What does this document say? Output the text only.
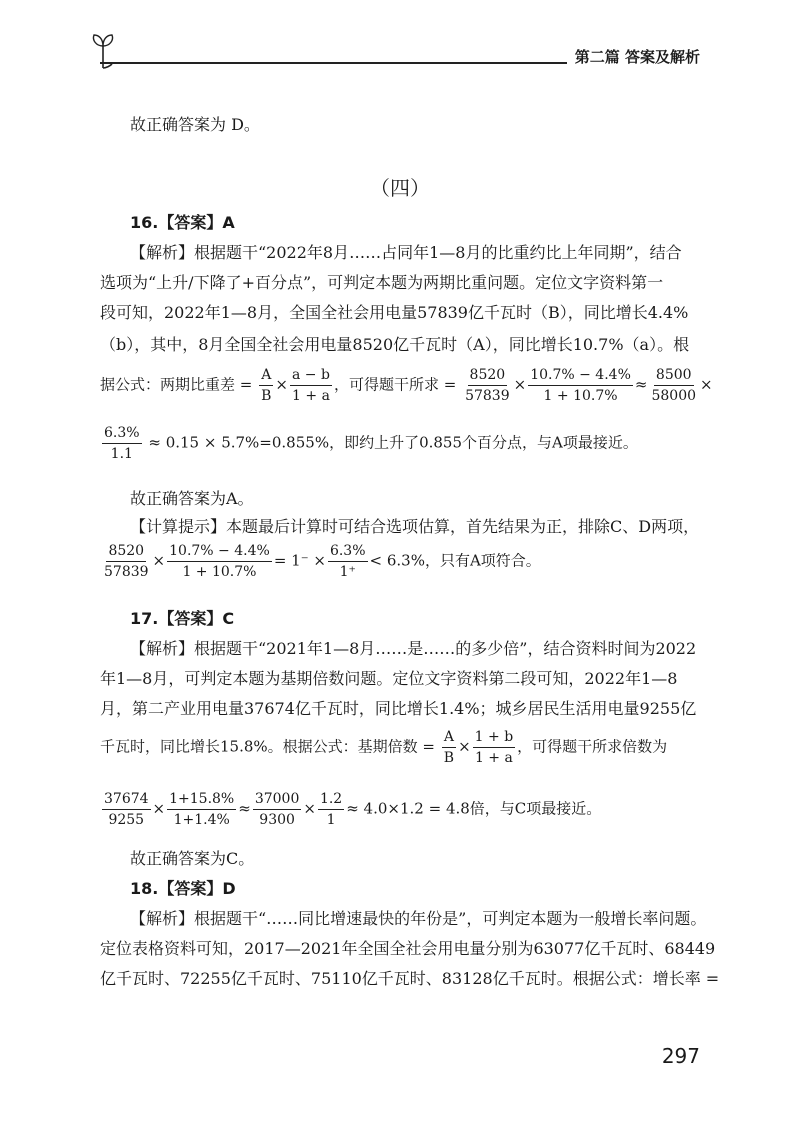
第二篇 答案及解析
故正确答案为 D。
（四）
16.【答案】A
【解析】根据题干“2022年8月……占同年1—8月的比重约比上年同期”，结合
选项为“上升/下降了+百分点”，可判定本题为两期比重问题。定位文字资料第一
段可知，2022年1—8月，全国全社会用电量57839亿千瓦时（B），同比增长4.4%
（b），其中，8月全国全社会用电量8520亿千瓦时（A），同比增长10.7%（a）。根
据公式：两期比重差 = $\frac{A}{B} \times \frac{a - b}{1 + a}$ ，可得题干所求 = $\frac{8520}{57839} \times \frac{10.7\% - 4.4\%}{1 + 10.7\%} \approx \frac{8500}{58000}$ ×
$\frac{6.3\%}{1.1} \approx 0.15 \times 5.7\%=0.855\%$，即约上升了0.855个百分点，与A项最接近。
故正确答案为A。
【计算提示】本题最后计算时可结合选项估算，首先结果为正，排除C、D两项，
$\frac{8520}{57839} \times \frac{10.7\% - 4.4\%}{1 + 10.7\%} = 1^- \times \frac{6.3\%}{1^+} < 6.3\%$，只有A项符合。
17.【答案】C
【解析】根据题干“2021年1—8月……是……的多少倍”，结合资料时间为2022
年1—8月，可判定本题为基期倍数问题。定位文字资料第二段可知，2022年1—8
月，第二产业用电量37674亿千瓦时，同比增长1.4%；城乡居民生活用电量9255亿
千瓦时，同比增长15.8%。根据公式：基期倍数 = $\frac{A}{B} \times \frac{1 + b}{1 + a}$ ，可得题干所求倍数为
$\frac{37674}{9255} \times \frac{1+15.8\%}{1+1.4\%} \approx \frac{37000}{9300} \times \frac{1.2}{1} \approx 4.0\times 1.2 = 4.8$倍，与C项最接近。
故正确答案为C。
18.【答案】D
【解析】根据题干“……同比增速最快的年份是”，可判定本题为一般增长率问题。
定位表格资料可知，2017—2021年全国全社会用电量分别为63077亿千瓦时、68449
亿千瓦时、72255亿千瓦时、75110亿千瓦时、83128亿千瓦时。根据公式：增长率 =
297
